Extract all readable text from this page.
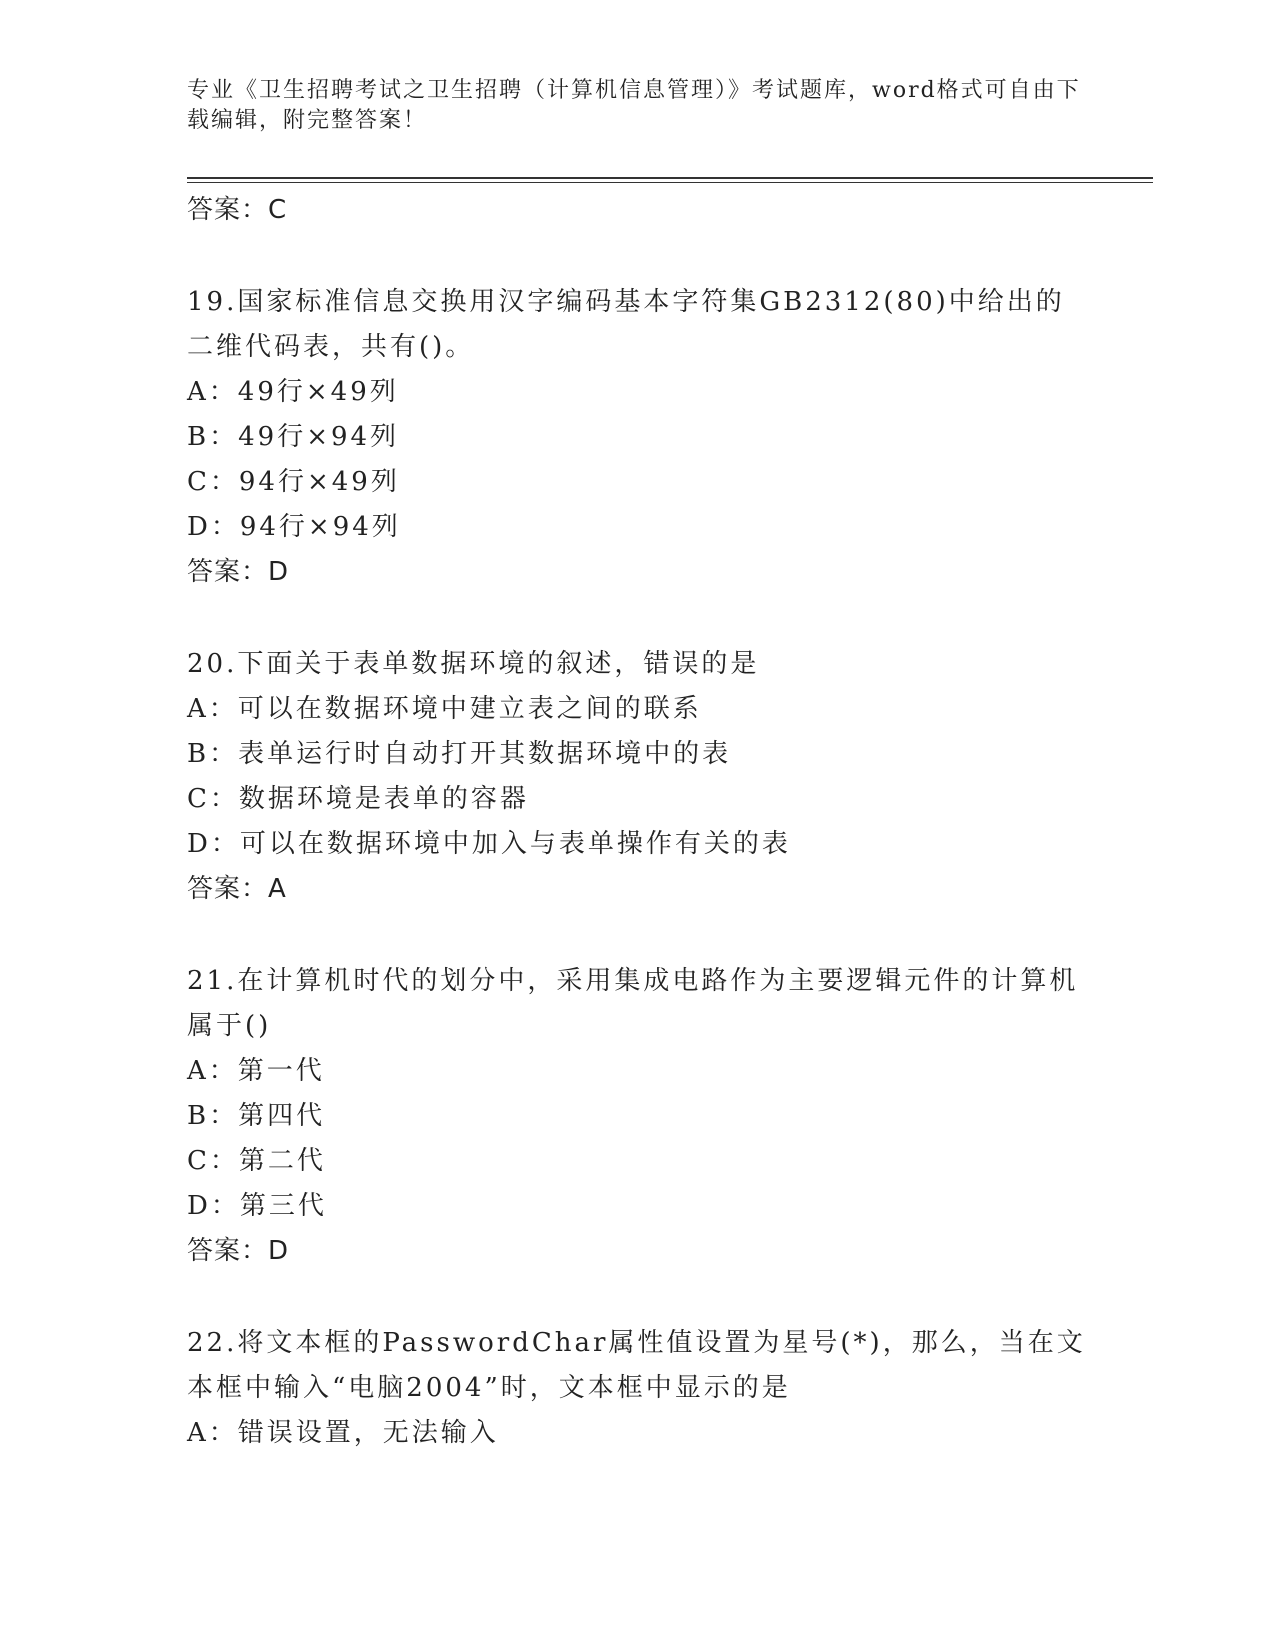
专业《卫生招聘考试之卫生招聘（计算机信息管理）》考试题库，word格式可自由下载编辑，附完整答案！
答案：C
19.国家标准信息交换用汉字编码基本字符集GB2312(80)中给出的二维代码表，共有()。
A：49行×49列
B：49行×94列
C：94行×49列
D：94行×94列
答案：D
20.下面关于表单数据环境的叙述，错误的是
A：可以在数据环境中建立表之间的联系
B：表单运行时自动打开其数据环境中的表
C：数据环境是表单的容器
D：可以在数据环境中加入与表单操作有关的表
答案：A
21.在计算机时代的划分中，采用集成电路作为主要逻辑元件的计算机属于()
A：第一代
B：第四代
C：第二代
D：第三代
答案：D
22.将文本框的PasswordChar属性值设置为星号(*)，那么，当在文本框中输入“电脑2004”时，文本框中显示的是
A：错误设置，无法输入
